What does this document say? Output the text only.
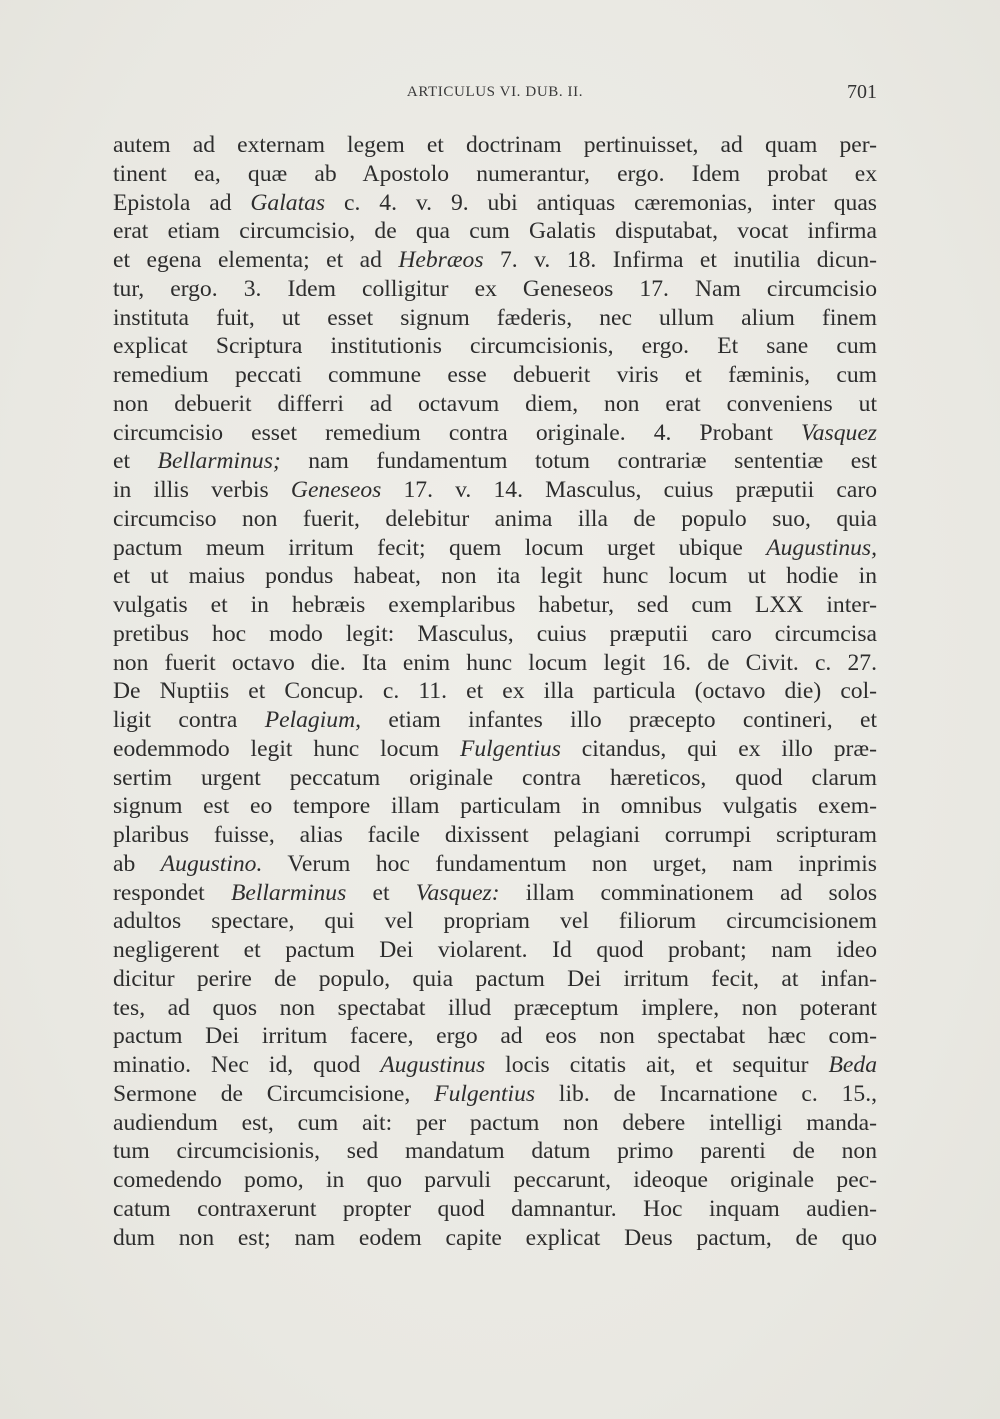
ARTICULUS VI. DUB. II.	701
autem ad externam legem et doctrinam pertinuisset, ad quam per-
tinent ea, quæ ab Apostolo numerantur, ergo. Idem probat ex
Epistola ad Galatas c. 4. v. 9. ubi antiquas cæremonias, inter quas
erat etiam circumcisio, de qua cum Galatis disputabat, vocat infirma
et egena elementa; et ad Hebræos 7. v. 18. Infirma et inutilia dicun-
tur, ergo. 3. Idem colligitur ex Geneseos 17. Nam circumcisio
instituta fuit, ut esset signum fæderis, nec ullum alium finem
explicat Scriptura institutionis circumcisionis, ergo. Et sane cum
remedium peccati commune esse debuerit viris et fæminis, cum
non debuerit differri ad octavum diem, non erat conveniens ut
circumcisio esset remedium contra originale. 4. Probant Vasquez
et Bellarminus; nam fundamentum totum contrariæ sententiæ est
in illis verbis Geneseos 17. v. 14. Masculus, cuius præputii caro
circumciso non fuerit, delebitur anima illa de populo suo, quia
pactum meum irritum fecit; quem locum urget ubique Augustinus,
et ut maius pondus habeat, non ita legit hunc locum ut hodie in
vulgatis et in hebræis exemplaribus habetur, sed cum LXX inter-
pretibus hoc modo legit: Masculus, cuius præputii caro circumcisa
non fuerit octavo die. Ita enim hunc locum legit 16. de Civit. c. 27.
De Nuptiis et Concup. c. 11. et ex illa particula (octavo die) col-
ligit contra Pelagium, etiam infantes illo præcepto contineri, et
eodemmodo legit hunc locum Fulgentius citandus, qui ex illo præ-
sertim urgent peccatum originale contra hæreticos, quod clarum
signum est eo tempore illam particulam in omnibus vulgatis exem-
plaribus fuisse, alias facile dixissent pelagiani corrumpi scripturam
ab Augustino. Verum hoc fundamentum non urget, nam inprimis
respondet Bellarminus et Vasquez: illam comminationem ad solos
adultos spectare, qui vel propriam vel filiorum circumcisionem
negligerent et pactum Dei violarent. Id quod probant; nam ideo
dicitur perire de populo, quia pactum Dei irritum fecit, at infan-
tes, ad quos non spectabat illud præceptum implere, non poterant
pactum Dei irritum facere, ergo ad eos non spectabat hæc com-
minatio. Nec id, quod Augustinus locis citatis ait, et sequitur Beda
Sermone de Circumcisione, Fulgentius lib. de Incarnatione c. 15.,
audiendum est, cum ait: per pactum non debere intelligi manda-
tum circumcisionis, sed mandatum datum primo parenti de non
comedendo pomo, in quo parvuli peccarunt, ideoque originale pec-
catum contraxerunt propter quod damnantur. Hoc inquam audien-
dum non est; nam eodem capite explicat Deus pactum, de quo
